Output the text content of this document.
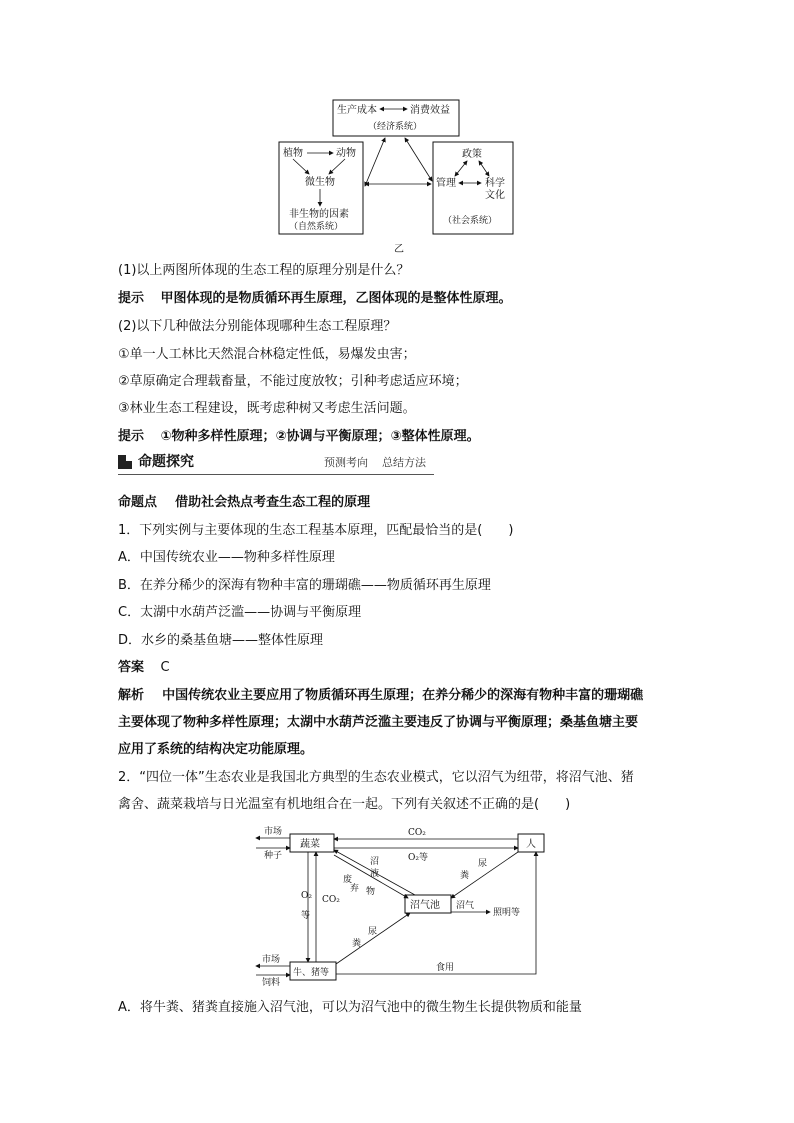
生产成本	消费效益
（经济系统）
植物	动物
微生物
非生物的因素
（自然系统）
政策
管理	科学
文化
（社会系统）
乙
(1)以上两图所体现的生态工程的原理分别是什么？
提示 甲图体现的是物质循环再生原理，乙图体现的是整体性原理。
(2)以下几种做法分别能体现哪种生态工程原理？
①单一人工林比天然混合林稳定性低，易爆发虫害；
②草原确定合理载畜量，不能过度放牧；引种考虑适应环境；
③林业生态工程建设，既考虑种树又考虑生活问题。
提示 ①物种多样性原理；②协调与平衡原理；③整体性原理。
命题探究	预测考向 总结方法
命题点 借助社会热点考查生态工程的原理
1．下列实例与主要体现的生态工程基本原理，匹配最恰当的是(　　)
A．中国传统农业——物种多样性原理
B．在养分稀少的深海有物种丰富的珊瑚礁——物质循环再生原理
C．太湖中水葫芦泛滥——协调与平衡原理
D．水乡的桑基鱼塘——整体性原理
答案 C
解析 中国传统农业主要应用了物质循环再生原理；在养分稀少的深海有物种丰富的珊瑚礁
主要体现了物种多样性原理；太湖中水葫芦泛滥主要违反了协调与平衡原理；桑基鱼塘主要
应用了系统的结构决定功能原理。
2．“四位一体”生态农业是我国北方典型的生态农业模式，它以沼气为纽带，将沼气池、猪
禽舍、蔬菜栽培与日光温室有机地组合在一起。下列有关叙述不正确的是(　　)
蔬菜	人
沼气池
牛、猪等
市场
种子
CO₂
O₂等
沼
液
废
弃 物
尿
粪
沼气
照明等
O₂
等
CO₂
尿
粪
市场
饲料
食用
A．将牛粪、猪粪直接施入沼气池，可以为沼气池中的微生物生长提供物质和能量
